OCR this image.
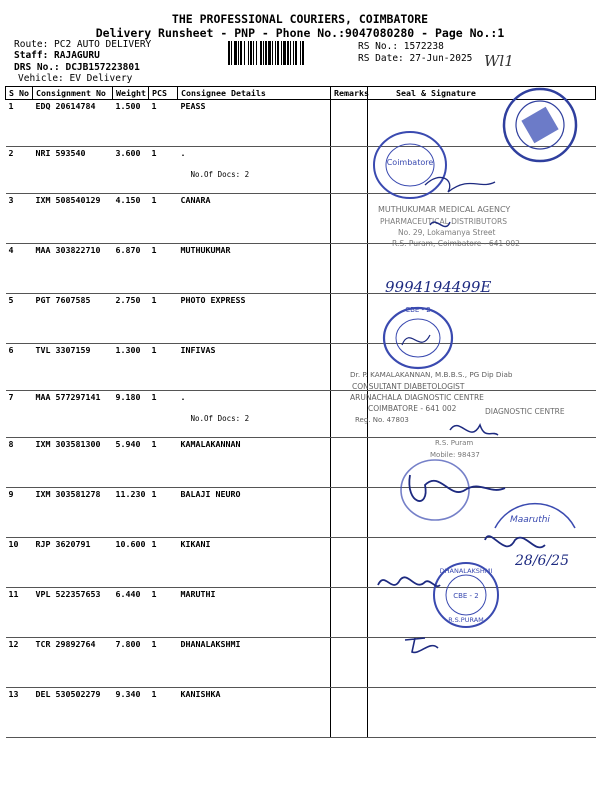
THE PROFESSIONAL COURIERS, COIMBATORE
Delivery Runsheet - PNP - Phone No.:9047080280 - Page No.:1
Route: PC2 AUTO DELIVERY
Staff: RAJAGURU
DRS No.: DCJB157223801
Vehicle: EV Delivery
RS No.: 1572238
RS Date: 27-Jun-2025 Wl1
S No	Consignment No	Weight	PCS	Consignee Details	Remarks	Seal & Signature
1	EDQ 20614784	1.500	1	PEASS		
2	NRI 593540	3.600	1	.
No.Of Docs: 2		

3	IXM 508540129	4.150	1	CANARA		
4	MAA 303822710	6.870	1	MUTHUKUMAR		
5	PGT 7607585	2.750	1	PHOTO EXPRESS		
6	TVL 3307159	1.300	1	INFIVAS		
7	MAA 577297141	9.180	1	.
No.Of Docs: 2		

8	IXM 303581300	5.940	1	KAMALAKANNAN		
9	IXM 303581278	11.230	1	BALAJI NEURO		
10	RJP 3620791	10.600	1	KIKANI		
11	VPL 522357653	6.440	1	MARUTHI		
12	TCR 29892764	7.800	1	DHANALAKSHMI		
13	DEL 530502279	9.340	1	KANISHKA		
Coimbatore
MUTHUKUMAR MEDICAL AGENCY
PHARMACEUTICAL DISTRIBUTORS
No. 29, Lokamanya Street
R.S. Puram, Coimbatore - 641 002
9994194499E
CBE - 2
Dr. P. KAMALAKANNAN, M.B.B.S., PG Dip Diab
CONSULTANT DIABETOLOGIST
ARUNACHALA DIAGNOSTIC CENTRE
COIMBATORE - 641 002
Reg. No. 47803
DIAGNOSTIC CENTRE
R.S. Puram
Mobile: 98437
Maaruthi
28/6/25
DHANALAKSHMI
CBE - 2
R.S.PURAM
